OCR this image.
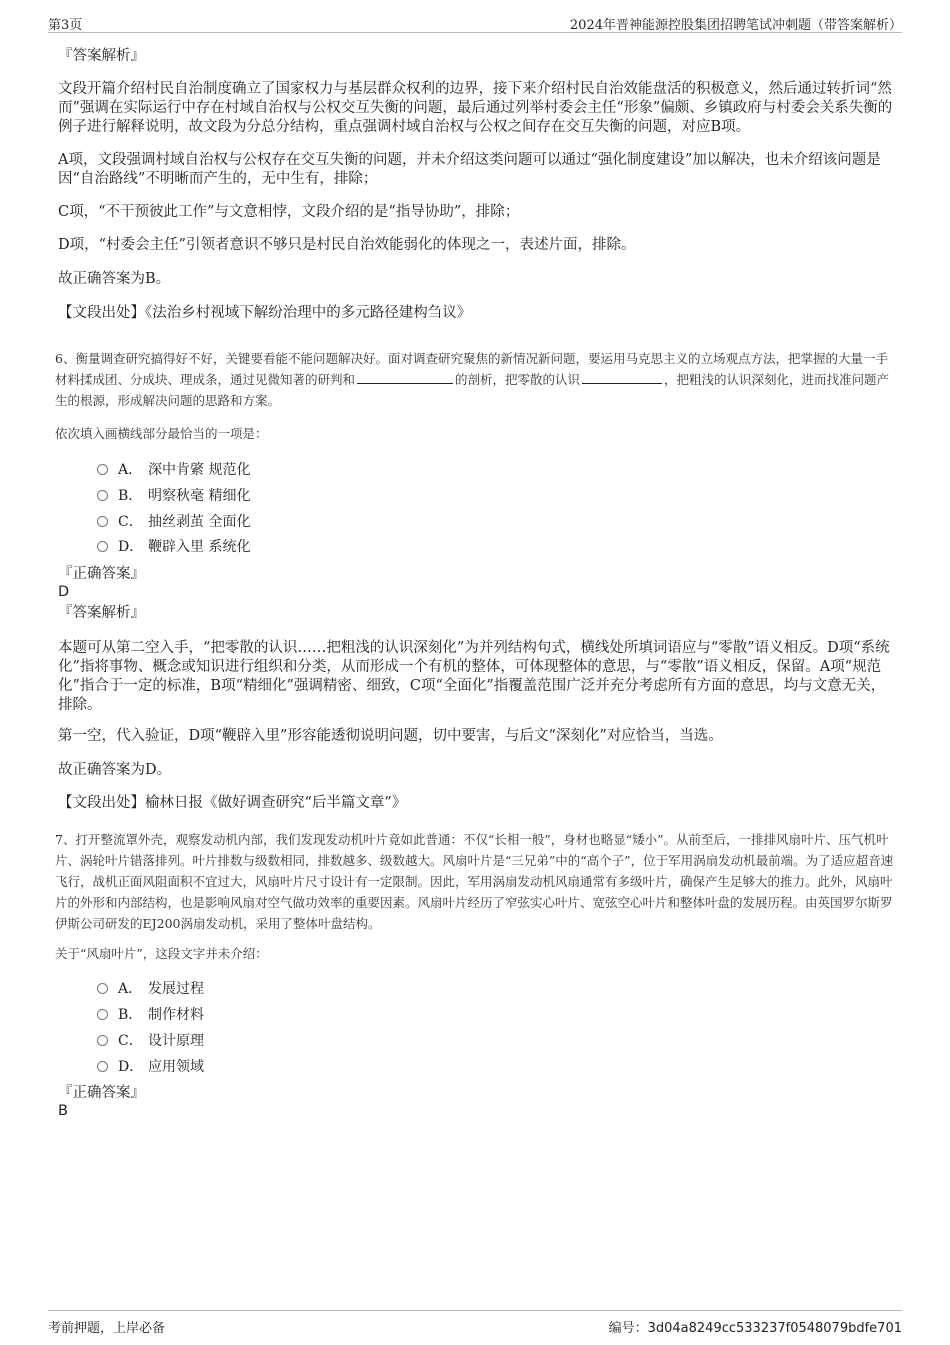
第3页	2024年晋神能源控股集团招聘笔试冲刺题（带答案解析）
『答案解析』
文段开篇介绍村民自治制度确立了国家权力与基层群众权利的边界，接下来介绍村民自治效能盘活的积极意义，然后通过转折词“然而”强调在实际运行中存在村域自治权与公权交互失衡的问题，最后通过列举村委会主任“形象”偏颇、乡镇政府与村委会关系失衡的例子进行解释说明，故文段为分总分结构，重点强调村域自治权与公权之间存在交互失衡的问题，对应B项。
A项，文段强调村域自治权与公权存在交互失衡的问题，并未介绍这类问题可以通过“强化制度建设”加以解决，也未介绍该问题是因“自治路线”不明晰而产生的，无中生有，排除；
C项，“不干预彼此工作”与文意相悖，文段介绍的是“指导协助”，排除；
D项，“村委会主任”引领者意识不够只是村民自治效能弱化的体现之一，表述片面，排除。
故正确答案为B。
【文段出处】《法治乡村视域下解纷治理中的多元路径建构刍议》
6、衡量调查研究搞得好不好，关键要看能不能问题解决好。面对调查研究聚焦的新情况新问题，要运用马克思主义的立场观点方法，把掌握的大量一手材料揉成团、分成块、理成条，通过见微知著的研判和	的剖析，把零散的认识	，把粗浅的认识深刻化，进而找准问题产生的根源，形成解决问题的思路和方案。
依次填入画横线部分最恰当的一项是：
A． 深中肯綮 规范化
B． 明察秋毫 精细化
C． 抽丝剥茧 全面化
D． 鞭辟入里 系统化
『正确答案』
D
『答案解析』
本题可从第二空入手，“把零散的认识……把粗浅的认识深刻化”为并列结构句式，横线处所填词语应与“零散”语义相反。D项“系统化”指将事物、概念或知识进行组织和分类，从而形成一个有机的整体，可体现整体的意思，与“零散”语义相反，保留。A项“规范化”指合于一定的标准，B项“精细化”强调精密、细致，C项“全面化”指覆盖范围广泛并充分考虑所有方面的意思，均与文意无关，排除。
第一空，代入验证，D项“鞭辟入里”形容能透彻说明问题，切中要害，与后文“深刻化”对应恰当，当选。
故正确答案为D。
【文段出处】榆林日报《做好调查研究“后半篇文章”》
7、打开整流罩外壳，观察发动机内部，我们发现发动机叶片竟如此普通：不仅“长相一般”，身材也略显“矮小”。从前至后，一排排风扇叶片、压气机叶片、涡轮叶片错落排列。叶片排数与级数相同，排数越多、级数越大。风扇叶片是“三兄弟”中的“高个子”，位于军用涡扇发动机最前端。为了适应超音速飞行，战机正面风阻面积不宜过大，风扇叶片尺寸设计有一定限制。因此，军用涡扇发动机风扇通常有多级叶片，确保产生足够大的推力。此外，风扇叶片的外形和内部结构，也是影响风扇对空气做功效率的重要因素。风扇叶片经历了窄弦实心叶片、宽弦空心叶片和整体叶盘的发展历程。由英国罗尔斯罗伊斯公司研发的EJ200涡扇发动机，采用了整体叶盘结构。
关于“风扇叶片”，这段文字并未介绍：
A． 发展过程
B． 制作材料
C． 设计原理
D． 应用领域
『正确答案』
B
考前押题，上岸必备	编号：3d04a8249cc533237f0548079bdfe701
